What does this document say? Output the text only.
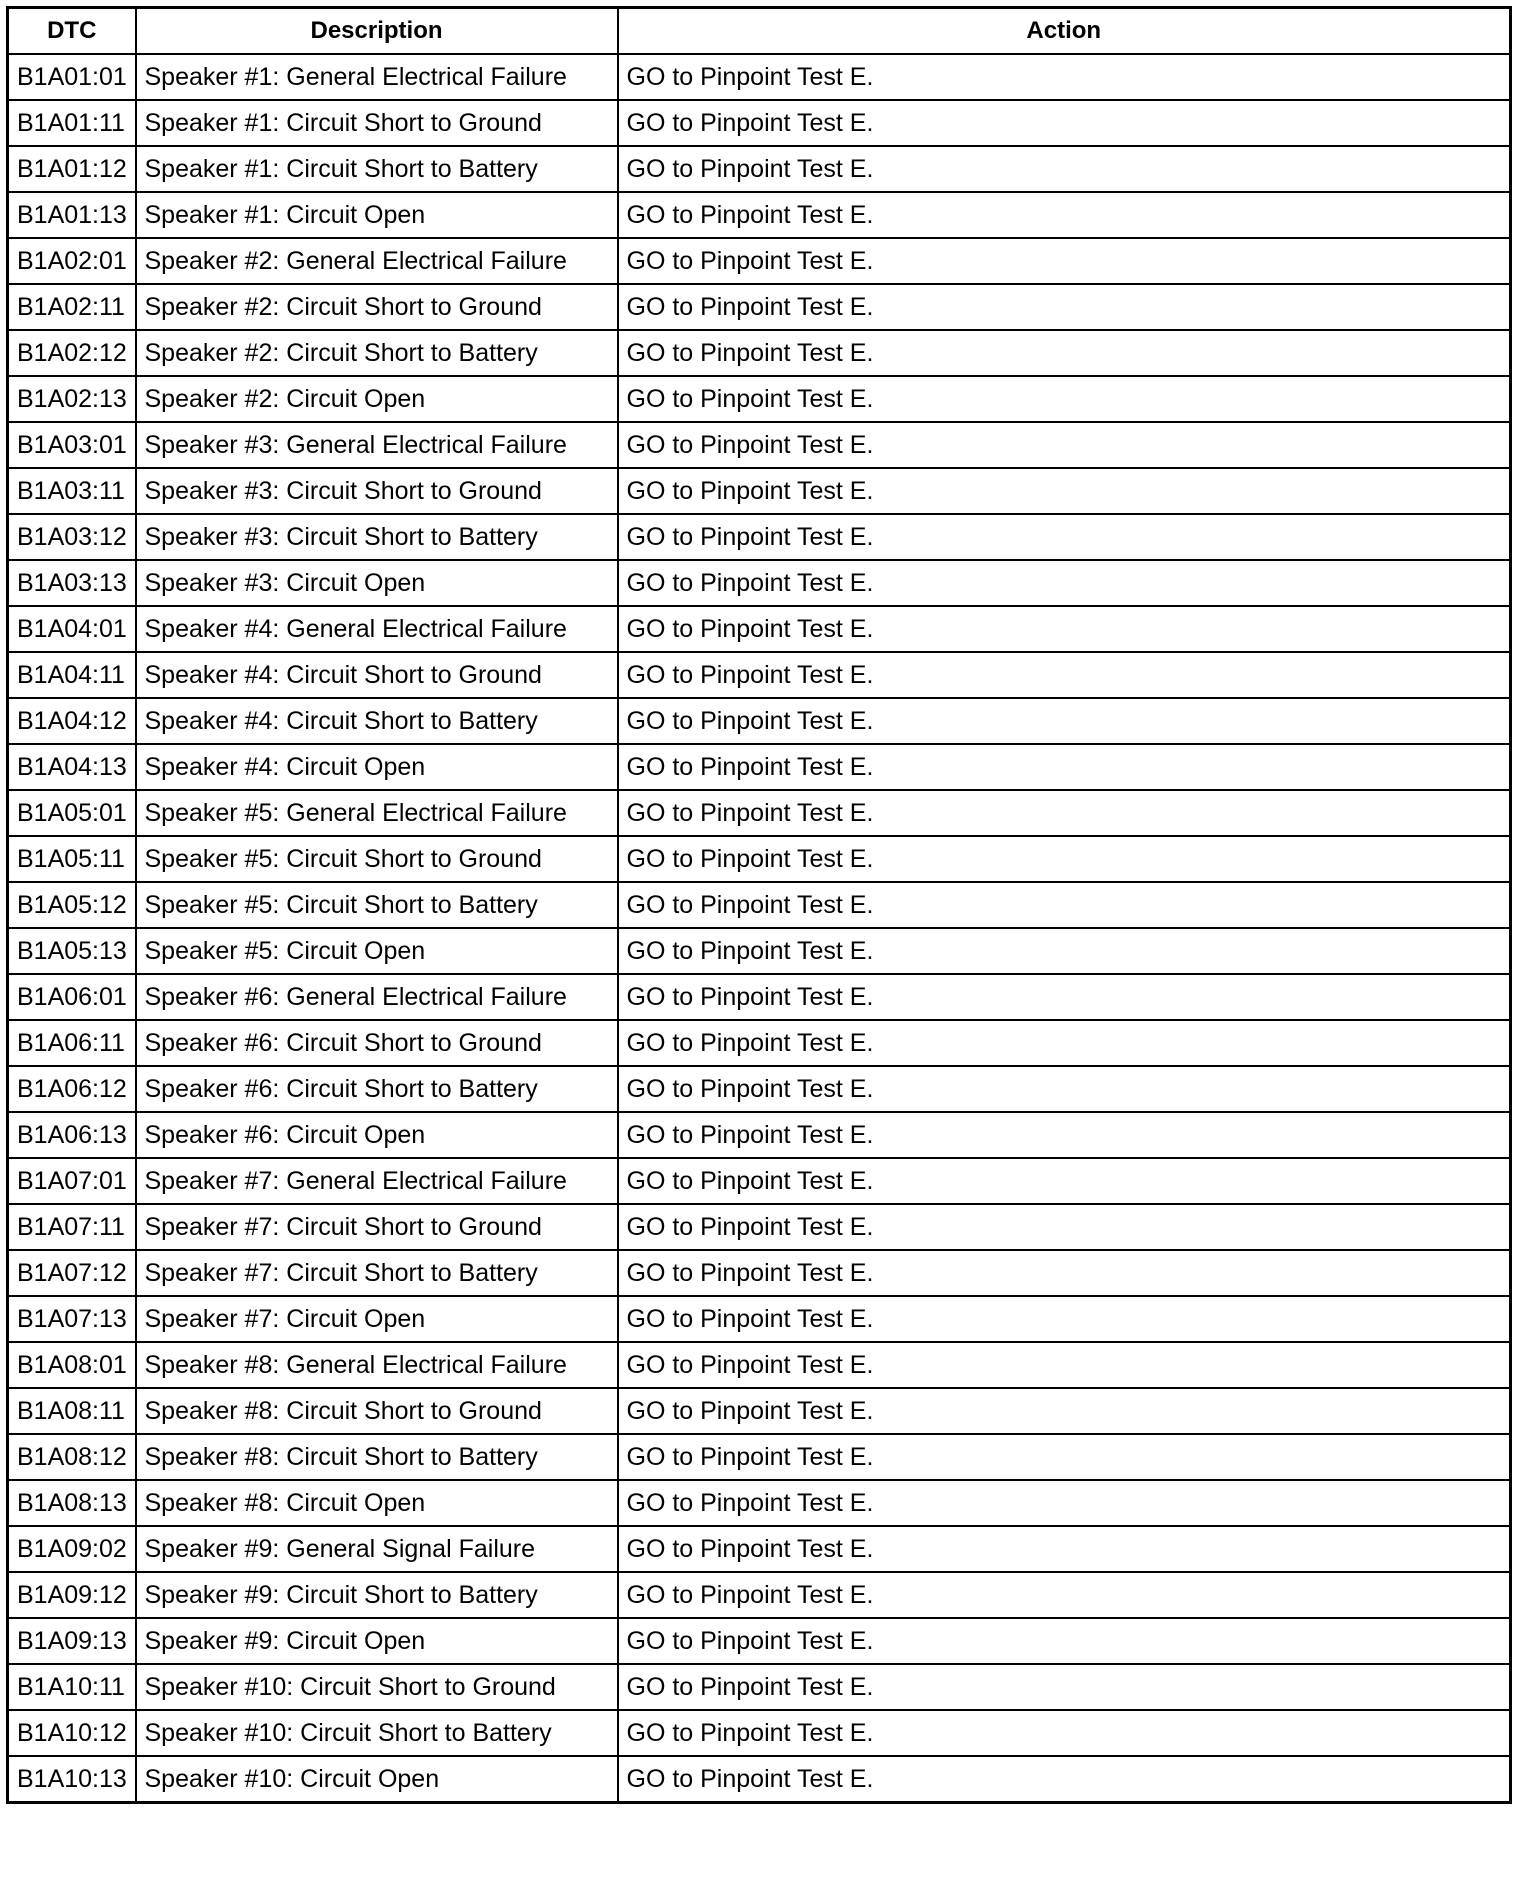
DTC	Description	Action
B1A01:01	Speaker #1: General Electrical Failure	GO to Pinpoint Test E.
B1A01:11	Speaker #1: Circuit Short to Ground	GO to Pinpoint Test E.
B1A01:12	Speaker #1: Circuit Short to Battery	GO to Pinpoint Test E.
B1A01:13	Speaker #1: Circuit Open	GO to Pinpoint Test E.
B1A02:01	Speaker #2: General Electrical Failure	GO to Pinpoint Test E.
B1A02:11	Speaker #2: Circuit Short to Ground	GO to Pinpoint Test E.
B1A02:12	Speaker #2: Circuit Short to Battery	GO to Pinpoint Test E.
B1A02:13	Speaker #2: Circuit Open	GO to Pinpoint Test E.
B1A03:01	Speaker #3: General Electrical Failure	GO to Pinpoint Test E.
B1A03:11	Speaker #3: Circuit Short to Ground	GO to Pinpoint Test E.
B1A03:12	Speaker #3: Circuit Short to Battery	GO to Pinpoint Test E.
B1A03:13	Speaker #3: Circuit Open	GO to Pinpoint Test E.
B1A04:01	Speaker #4: General Electrical Failure	GO to Pinpoint Test E.
B1A04:11	Speaker #4: Circuit Short to Ground	GO to Pinpoint Test E.
B1A04:12	Speaker #4: Circuit Short to Battery	GO to Pinpoint Test E.
B1A04:13	Speaker #4: Circuit Open	GO to Pinpoint Test E.
B1A05:01	Speaker #5: General Electrical Failure	GO to Pinpoint Test E.
B1A05:11	Speaker #5: Circuit Short to Ground	GO to Pinpoint Test E.
B1A05:12	Speaker #5: Circuit Short to Battery	GO to Pinpoint Test E.
B1A05:13	Speaker #5: Circuit Open	GO to Pinpoint Test E.
B1A06:01	Speaker #6: General Electrical Failure	GO to Pinpoint Test E.
B1A06:11	Speaker #6: Circuit Short to Ground	GO to Pinpoint Test E.
B1A06:12	Speaker #6: Circuit Short to Battery	GO to Pinpoint Test E.
B1A06:13	Speaker #6: Circuit Open	GO to Pinpoint Test E.
B1A07:01	Speaker #7: General Electrical Failure	GO to Pinpoint Test E.
B1A07:11	Speaker #7: Circuit Short to Ground	GO to Pinpoint Test E.
B1A07:12	Speaker #7: Circuit Short to Battery	GO to Pinpoint Test E.
B1A07:13	Speaker #7: Circuit Open	GO to Pinpoint Test E.
B1A08:01	Speaker #8: General Electrical Failure	GO to Pinpoint Test E.
B1A08:11	Speaker #8: Circuit Short to Ground	GO to Pinpoint Test E.
B1A08:12	Speaker #8: Circuit Short to Battery	GO to Pinpoint Test E.
B1A08:13	Speaker #8: Circuit Open	GO to Pinpoint Test E.
B1A09:02	Speaker #9: General Signal Failure	GO to Pinpoint Test E.
B1A09:12	Speaker #9: Circuit Short to Battery	GO to Pinpoint Test E.
B1A09:13	Speaker #9: Circuit Open	GO to Pinpoint Test E.
B1A10:11	Speaker #10: Circuit Short to Ground	GO to Pinpoint Test E.
B1A10:12	Speaker #10: Circuit Short to Battery	GO to Pinpoint Test E.
B1A10:13	Speaker #10: Circuit Open	GO to Pinpoint Test E.
